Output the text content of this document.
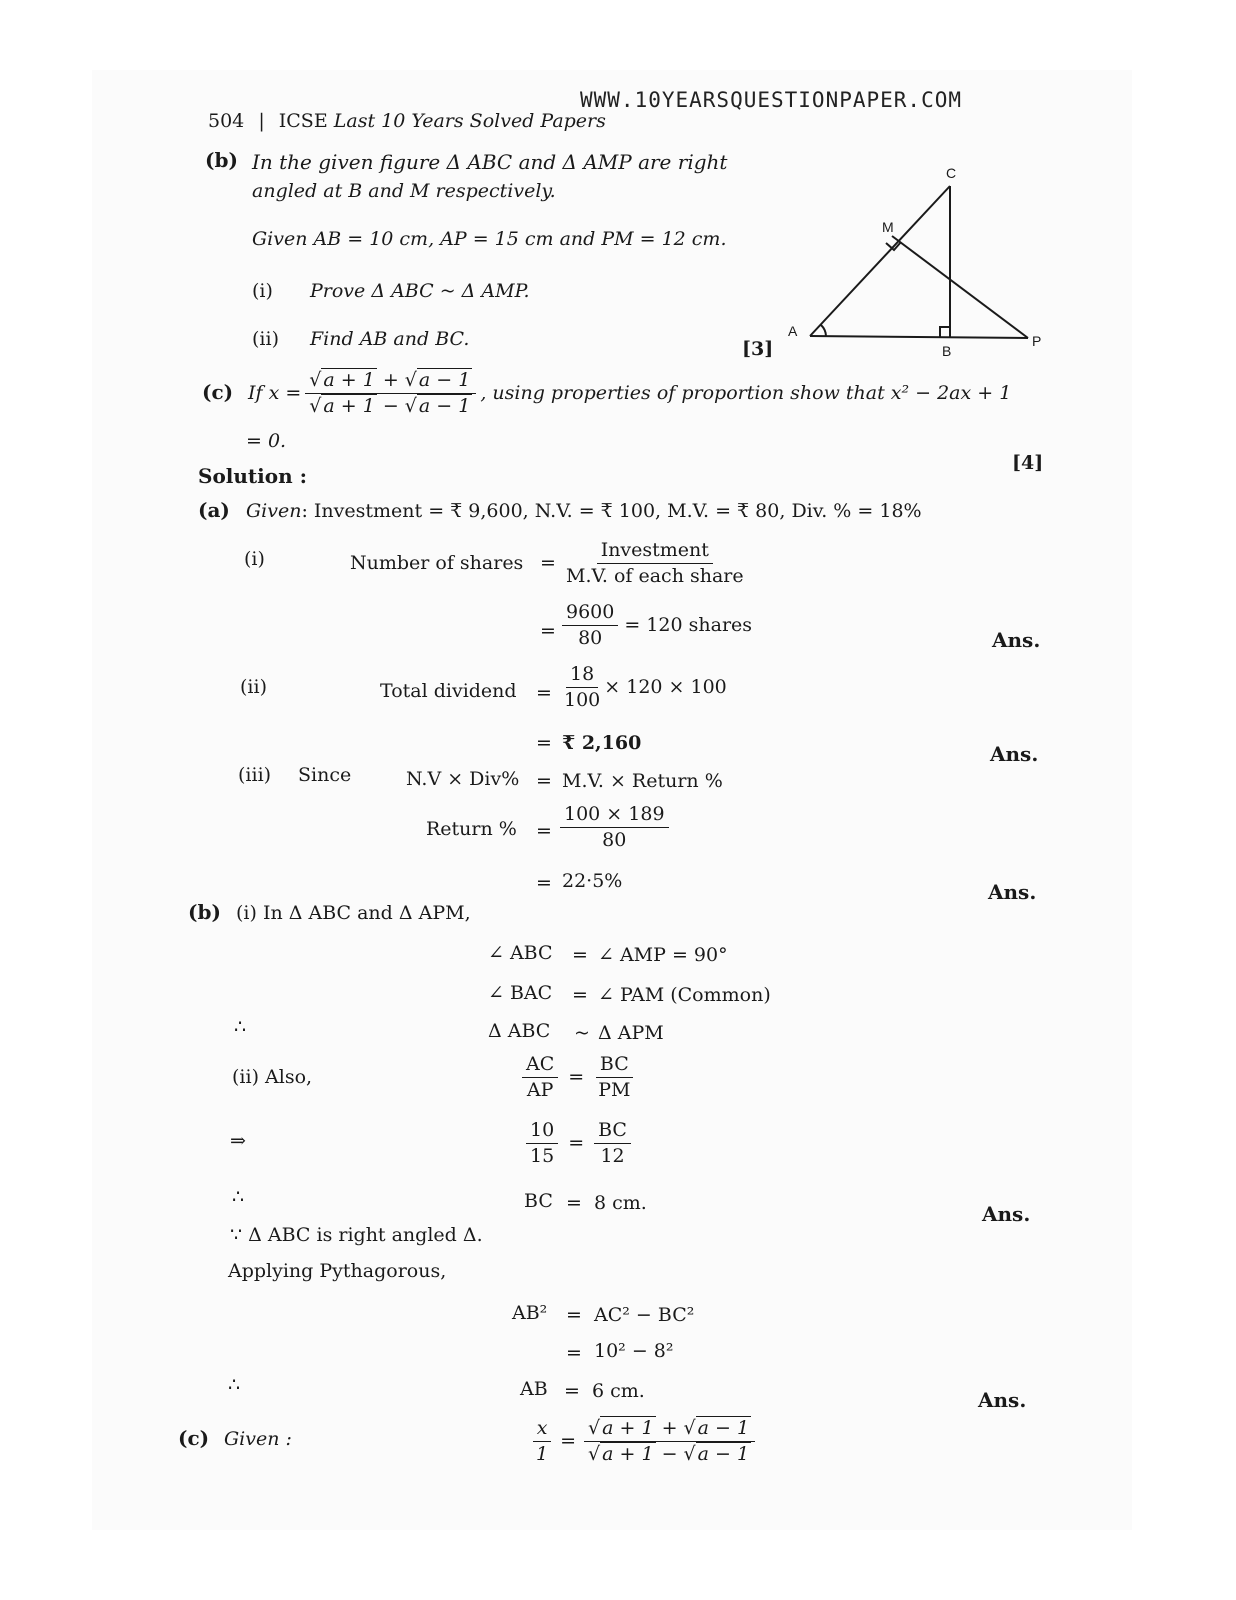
WWW.10YEARSQUESTIONPAPER.COM
504 | ICSE Last 10 Years Solved Papers
(b) In the given figure Δ ABC and Δ AMP are right
angled at B and M respectively.
Given AB = 10 cm, AP = 15 cm and PM = 12 cm.
(i) Prove Δ ABC ~ Δ AMP.
(ii) Find AB and BC.	[3]
A
B
C
M
P
(c) If $x = \frac{√ a + 1 + √ a - 1}{√ a + 1 - √ a - 1}$ , using properties of proportion show that x² − 2ax + 1
= 0.
[4]
Solution :
(a) Given: Investment = ₹ 9,600, N.V. = ₹ 100, M.V. = ₹ 80, Div. % = 18%
(i)	Number of shares = $\frac{\text{Investment}}{\text{M.V. of each share}}$
= $\frac{9600}{80} = 120$ shares
Ans.
(ii)	Total dividend = $\frac{18}{100} \times 120 \times 100$
= ₹ 2,160	Ans.
(iii) Since	N.V × Div% = M.V. × Return %
Return % = $\frac{100 \times 189}{80}$
= 22·5%	Ans.
(b) (i) In Δ ABC and Δ APM,
∠ ABC = ∠ AMP = 90°
∠ BAC = ∠ PAM (Common)
∴	Δ ABC ~ Δ APM
(ii) Also,	$\frac{AC}{AP} = \frac{BC}{PM}$
⇒	$\frac{10}{15} = \frac{BC}{12}$
∴	BC = 8 cm.	Ans.
∵ Δ ABC is right angled Δ.
Applying Pythagorous,
AB² = AC² − BC²
= 10² − 8²
∴	AB = 6 cm.	Ans.
(c) Given :	$\frac{x}{1} = \frac{√ a + 1 + √ a - 1}{√ a + 1 - √ a - 1}$
